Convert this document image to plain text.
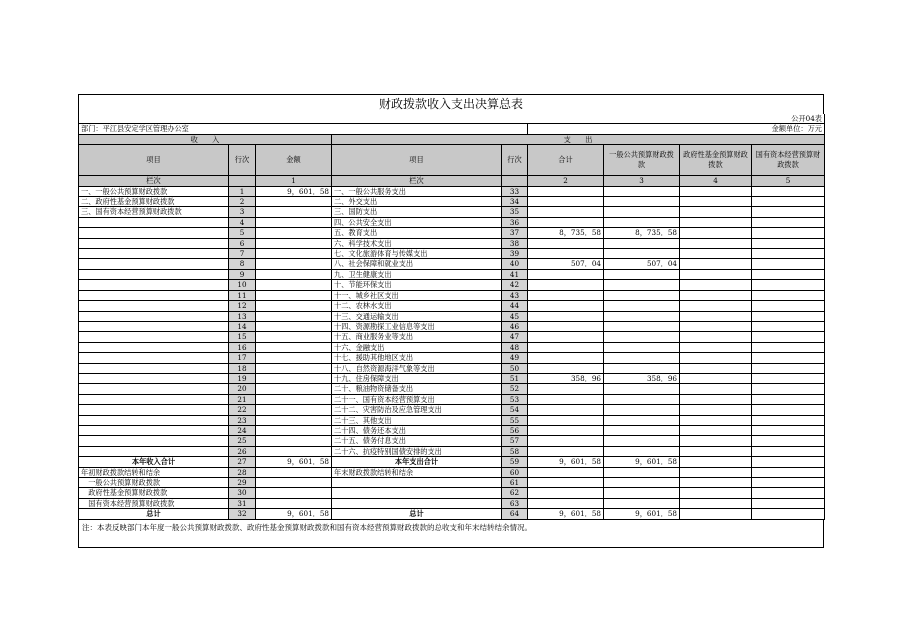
财政拨款收入支出决算总表
公开04表								
部门：平江县安定学区管理办公室					金额单位：万元			
收　　入			支　　出					
项目	行次	金额	项目	行次	合计	一般公共预算财政拨款	政府性基金预算财政拨款	国有资本经营预算财政拨款
栏次		1	栏次		2	3	4	5
一、一般公共预算财政拨款	1	9，601．58	一、一般公共服务支出	33				
二、政府性基金预算财政拨款	2		二、外交支出	34				
三、国有资本经营预算财政拨款	3		三、国防支出	35				
	4		四、公共安全支出	36				
	5		五、教育支出	37	8，735．58	8，735．58		
	6		六、科学技术支出	38				
	7		七、文化旅游体育与传媒支出	39				
	8		八、社会保障和就业支出	40	507．04	507．04		
	9		九、卫生健康支出	41				
	10		十、节能环保支出	42				
	11		十一、城乡社区支出	43				
	12		十二、农林水支出	44				
	13		十三、交通运输支出	45				
	14		十四、资源勘探工业信息等支出	46				
	15		十五、商业服务业等支出	47				
	16		十六、金融支出	48				
	17		十七、援助其他地区支出	49				
	18		十八、自然资源海洋气象等支出	50				
	19		十九、住房保障支出	51	358．96	358．96		
	20		二十、粮油物资储备支出	52				
	21		二十一、国有资本经营预算支出	53				
	22		二十二、灾害防治及应急管理支出	54				
	23		二十三、其他支出	55				
	24		二十四、债务还本支出	56				
	25		二十五、债务付息支出	57				
	26		二十六、抗疫特别国债安排的支出	58				
本年收入合计	27	9，601．58	本年支出合计	59	9，601．58	9，601．58		
年初财政拨款结转和结余	28		年末财政拨款结转和结余	60				
　一般公共预算财政拨款	29			61				
　政府性基金预算财政拨款	30			62				
　国有资本经营预算财政拨款	31			63				
总计	32	9，601．58	总计	64	9，601．58	9，601．58		
注：本表反映部门本年度一般公共预算财政拨款、政府性基金预算财政拨款和国有资本经营预算财政拨款的总收支和年末结转结余情况。
